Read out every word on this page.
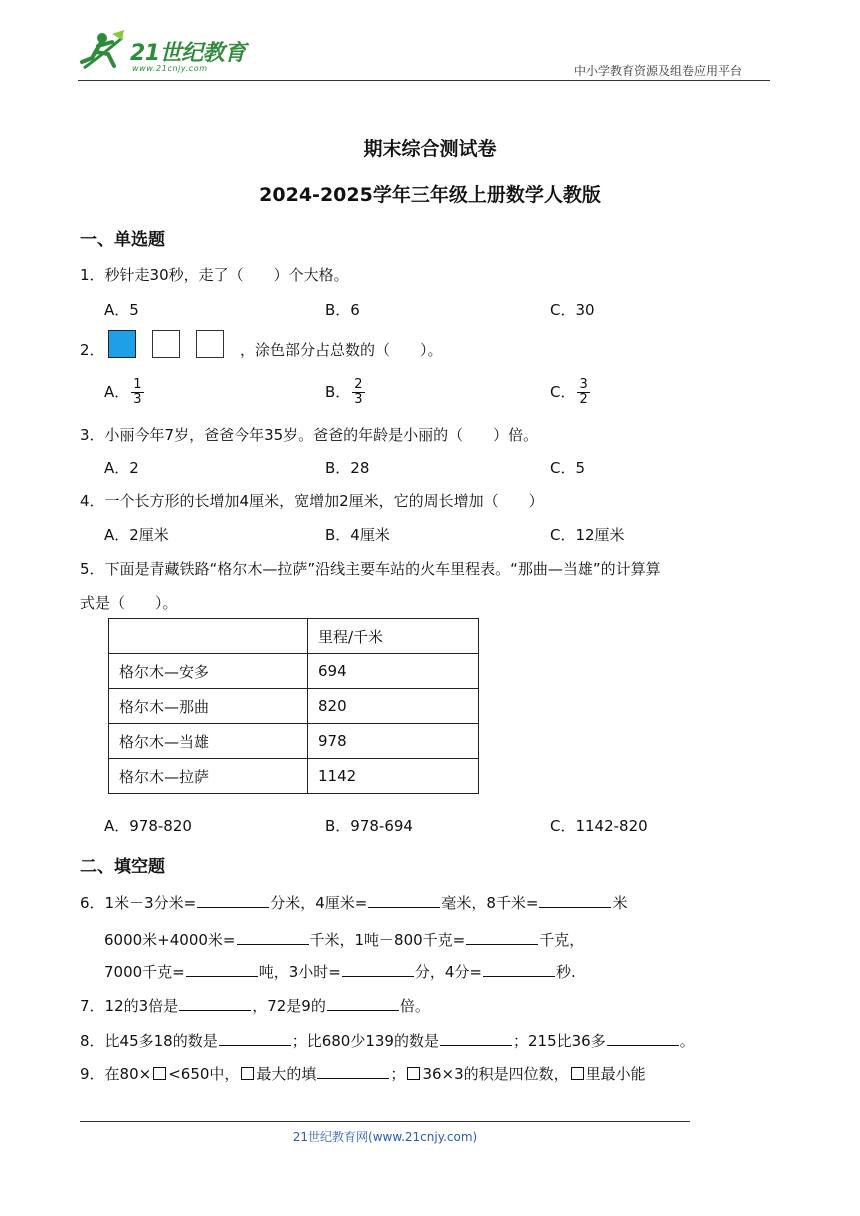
21世纪教育
www.21cnjy.com	中小学教育资源及组卷应用平台
期末综合测试卷
2024-2025学年三年级上册数学人教版
一、单选题
1．秒针走30秒，走了（　　）个大格。
A．5	B．6	C．30
2．	，涂色部分占总数的（　　）。
A． $\frac{1}{3}$	B． $\frac{2}{3}$	C． $\frac{3}{2}$
3．小丽今年7岁，爸爸今年35岁。爸爸的年龄是小丽的（　　）倍。
A．2	B．28	C．5
4．一个长方形的长增加4厘米，宽增加2厘米，它的周长增加（　　）
A．2厘米	B．4厘米	C．12厘米
5．下面是青藏铁路“格尔木—拉萨”沿线主要车站的火车里程表。“那曲—当雄”的计算算
式是（　　）。
	里程/千米
格尔木—安多	694
格尔木—那曲	820
格尔木—当雄	978
格尔木—拉萨	1142
A．978-820	B．978-694	C．1142-820
二、填空题
6．1米－3分米=	分米，4厘米=	毫米，8千米=	米
6000米+4000米=	千米，1吨－800千克=	千克，
7000千克=	吨，3小时=	分，4分=	秒.
7．12的3倍是	，72是9的	倍。
8．比45多18的数是	；比680少139的数是	；215比36多	。
9．在80× <650中， 最大的填	； 36×3的积是四位数， 里最小能
21世纪教育网(www.21cnjy.com)
